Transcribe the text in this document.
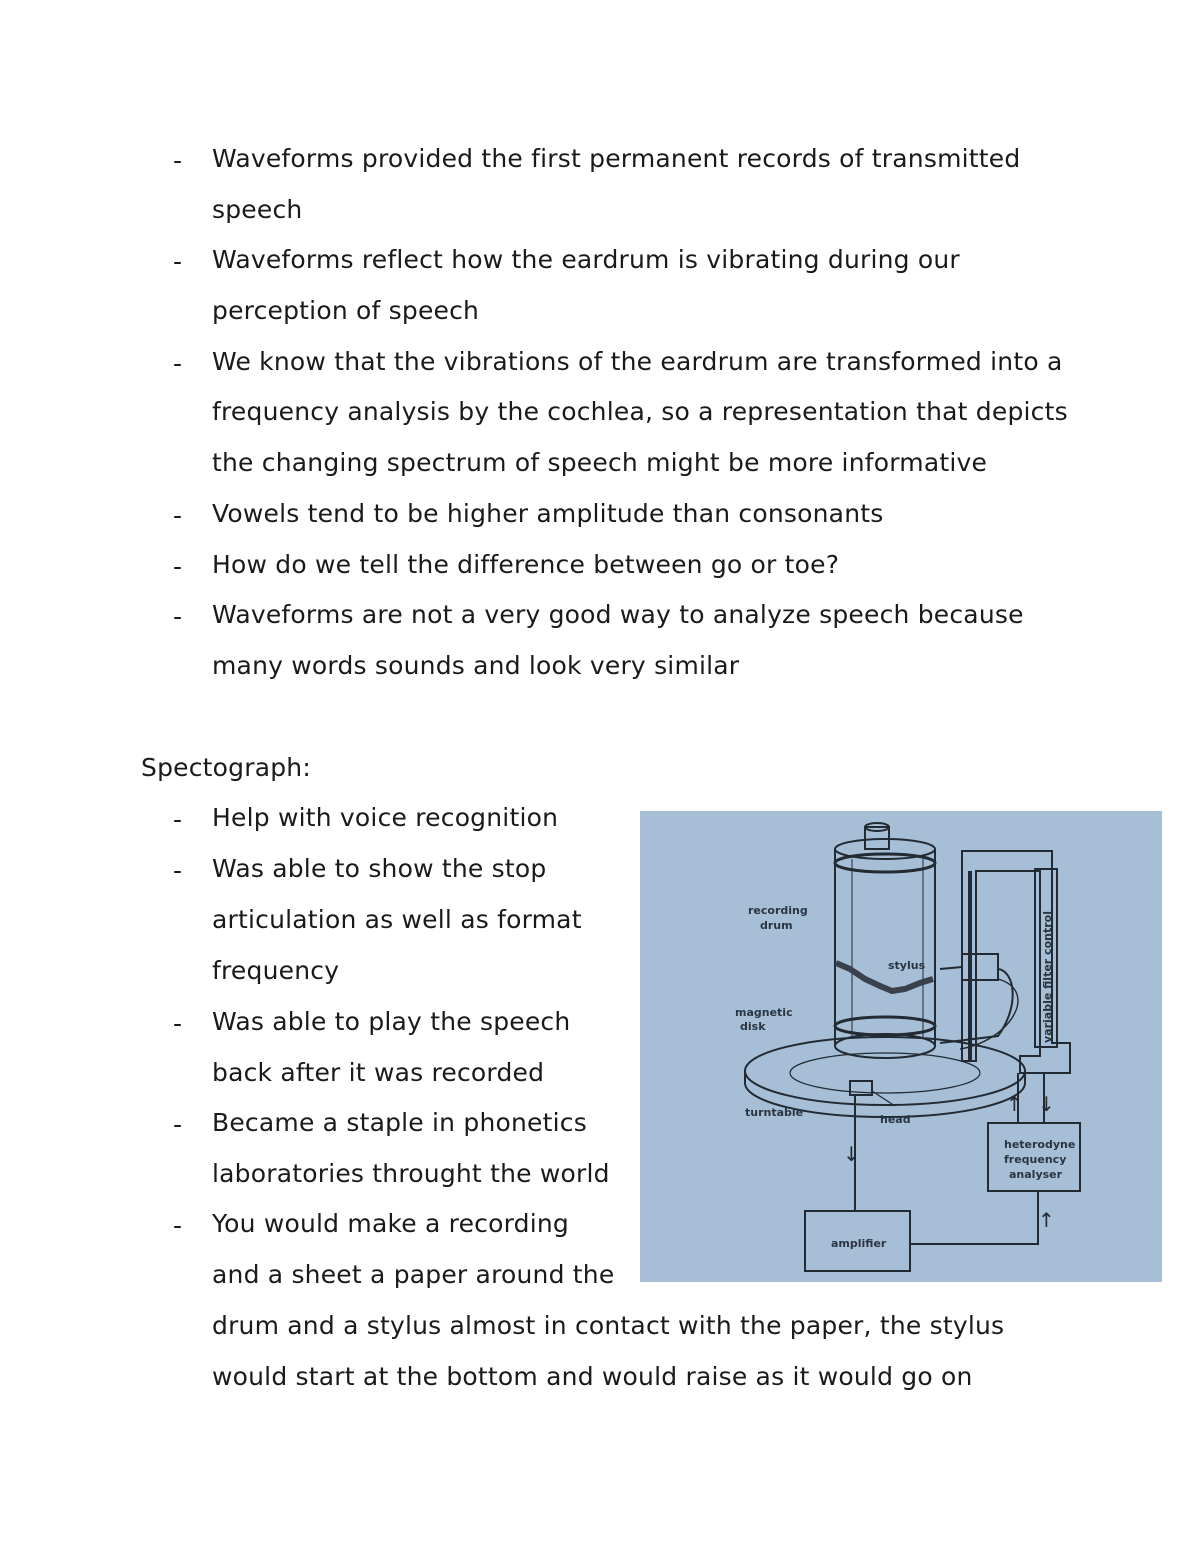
- Waveforms provided the first permanent records of transmitted
speech
- Waveforms reflect how the eardrum is vibrating during our
perception of speech
- We know that the vibrations of the eardrum are transformed into a
frequency analysis by the cochlea, so a representation that depicts
the changing spectrum of speech might be more informative
- Vowels tend to be higher amplitude than consonants
- How do we tell the difference between go or toe?
- Waveforms are not a very good way to analyze speech because
many words sounds and look very similar
Spectograph:
- Help with voice recognition
- Was able to show the stop
articulation as well as format
frequency
- Was able to play the speech
back after it was recorded
- Became a staple in phonetics
laboratories throught the world
- You would make a recording
and a sheet a paper around the
drum and a stylus almost in contact with the paper, the stylus
would start at the bottom and would raise as it would go on
recording
drum
stylus
magnetic
disk
turntable
head
variable filter control
heterodyne
frequency
analyser
amplifier
↓
↑ ↓
↑
